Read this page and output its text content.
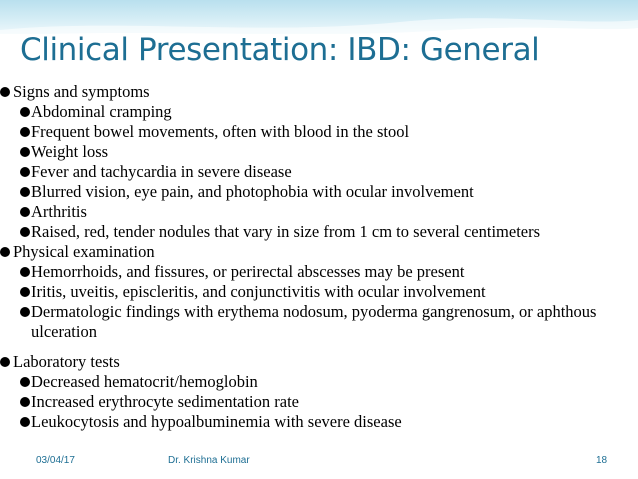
Clinical Presentation: IBD: General
Signs and symptoms
Abdominal cramping
Frequent bowel movements, often with blood in the stool
Weight loss
Fever and tachycardia in severe disease
Blurred vision, eye pain, and photophobia with ocular involvement
Arthritis
Raised, red, tender nodules that vary in size from 1 cm to several centimeters
Physical examination
Hemorrhoids, and fissures, or perirectal abscesses may be present
Iritis, uveitis, episcleritis, and conjunctivitis with ocular involvement
Dermatologic findings with erythema nodosum, pyoderma gangrenosum, or aphthous ulceration
Laboratory tests
Decreased hematocrit/hemoglobin
Increased erythrocyte sedimentation rate
Leukocytosis and hypoalbuminemia with severe disease
03/04/17	Dr. Krishna Kumar	18
